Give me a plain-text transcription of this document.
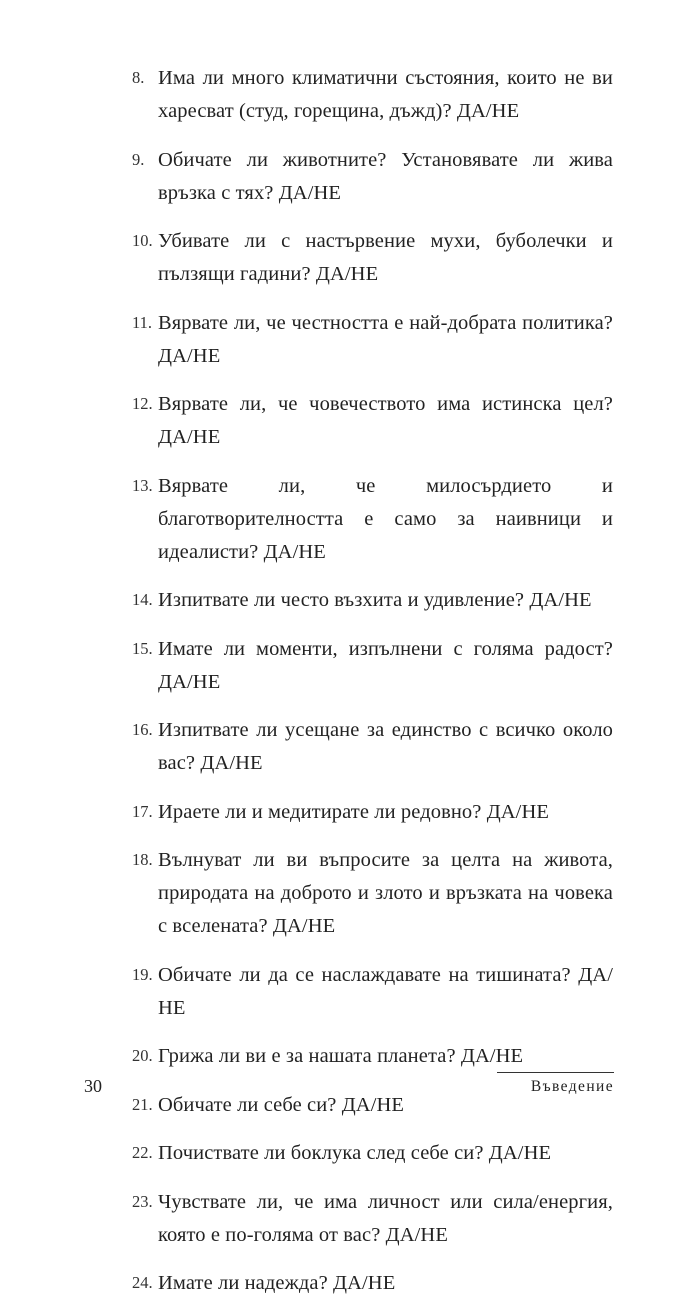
8. Има ли много климатични състояния, които не ви харесват (студ, горещина, дъжд)? ДА/НЕ
9. Обичате ли животните? Установявате ли жива връзка с тях? ДА/НЕ
10. Убивате ли с настървение мухи, буболечки и пълзящи гадини? ДА/НЕ
11. Вярвате ли, че честността е най-добрата политика? ДА/НЕ
12. Вярвате ли, че човечеството има истинска цел? ДА/НЕ
13. Вярвате ли, че милосърдието и благотворителността е само за наивници и идеалисти? ДА/НЕ
14. Изпитвате ли често възхита и удивление? ДА/НЕ
15. Имате ли моменти, изпълнени с голяма радост? ДА/НЕ
16. Изпитвате ли усещане за единство с всичко около вас? ДА/НЕ
17. Ираете ли и медитирате ли редовно? ДА/НЕ
18. Вълнуват ли ви въпросите за целта на живота, природата на доброто и злото и връзката на човека с вселената? ДА/НЕ
19. Обичате ли да се наслаждавате на тишината? ДА/НЕ
20. Грижа ли ви е за нашата планета? ДА/НЕ
21. Обичате ли себе си? ДА/НЕ
22. Почиствате ли боклука след себе си? ДА/НЕ
23. Чувствате ли, че има личност или сила/енергия, която е по-голяма от вас? ДА/НЕ
24. Имате ли надежда? ДА/НЕ
30	Въведение
